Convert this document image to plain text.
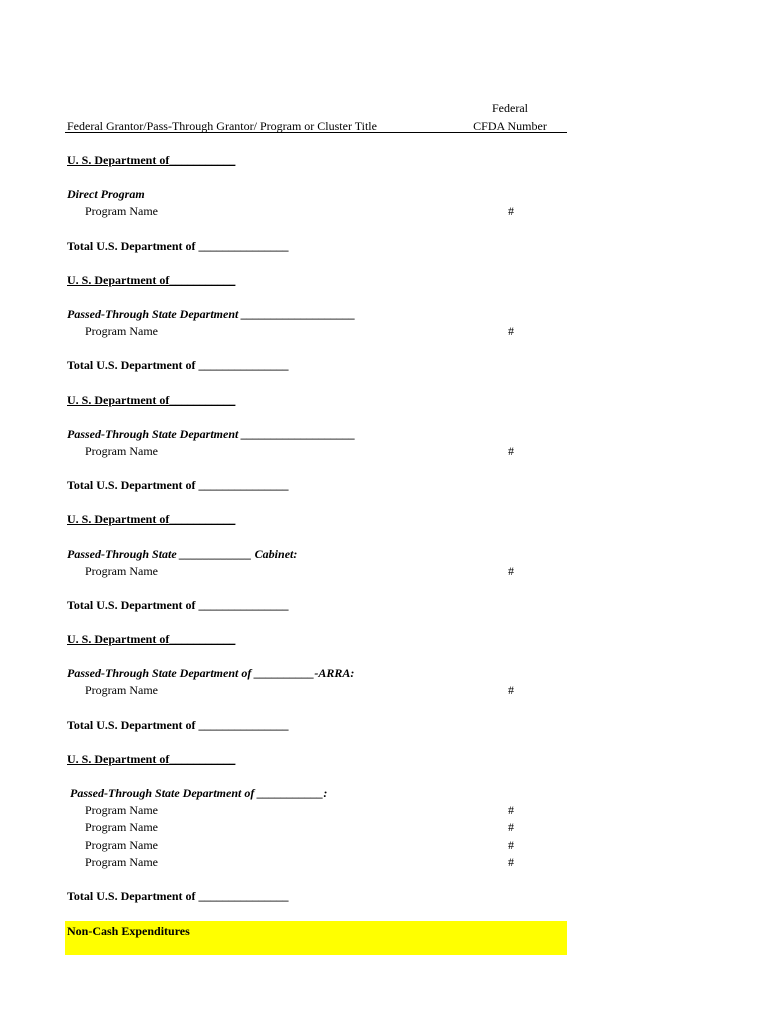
Federal
Federal Grantor/Pass-Through Grantor/ Program or Cluster Title	CFDA Number
U. S. Department of___________
Direct Program
Program Name	#
Total U.S. Department of _______________
U. S. Department of___________
Passed-Through State Department ___________________
Program Name	#
Total U.S. Department of _______________
U. S. Department of___________
Passed-Through State Department ___________________
Program Name	#
Total U.S. Department of _______________
U. S. Department of___________
Passed-Through State ____________ Cabinet:
Program Name	#
Total U.S. Department of _______________
U. S. Department of___________
Passed-Through State Department of __________-ARRA:
Program Name	#
Total U.S. Department of _______________
U. S. Department of___________
Passed-Through State Department of ___________:
Program Name	#
Program Name	#
Program Name	#
Program Name	#
Total U.S. Department of _______________
Non-Cash Expenditures
